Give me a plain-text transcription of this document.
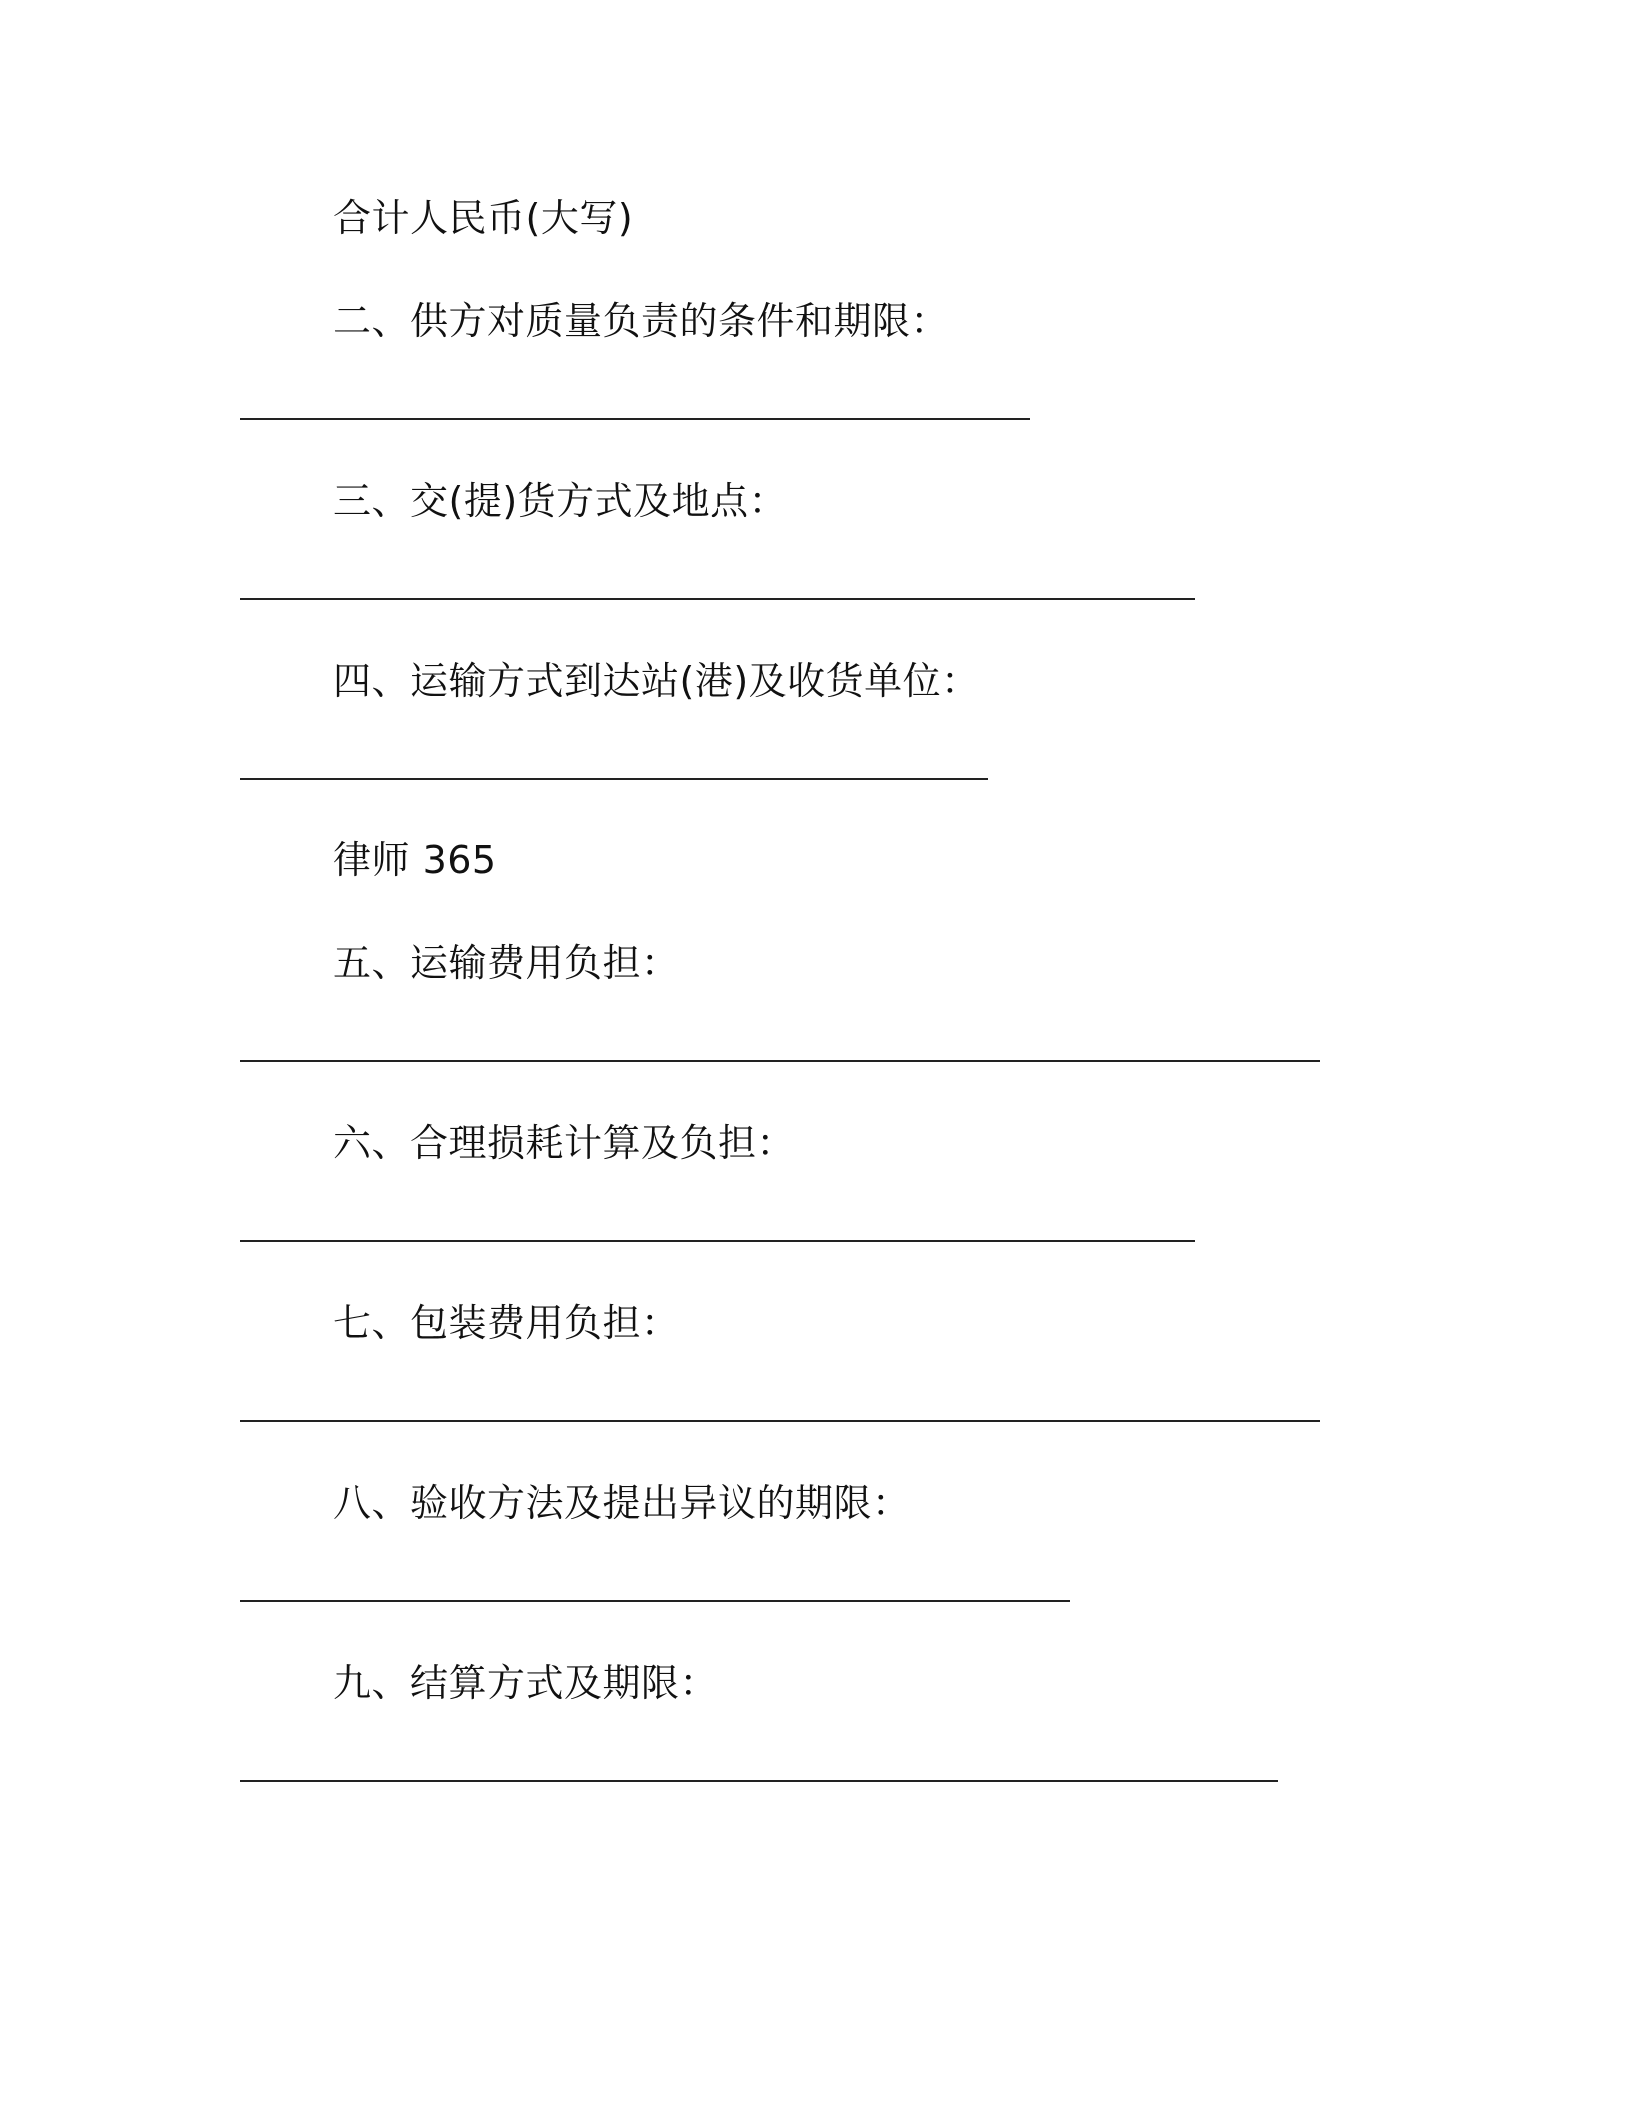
合计人民币(大写)
二、供方对质量负责的条件和期限：
三、交(提)货方式及地点：
四、运输方式到达站(港)及收货单位：
律师 365
五、运输费用负担：
六、合理损耗计算及负担：
七、包装费用负担：
八、验收方法及提出异议的期限：
九、结算方式及期限：
